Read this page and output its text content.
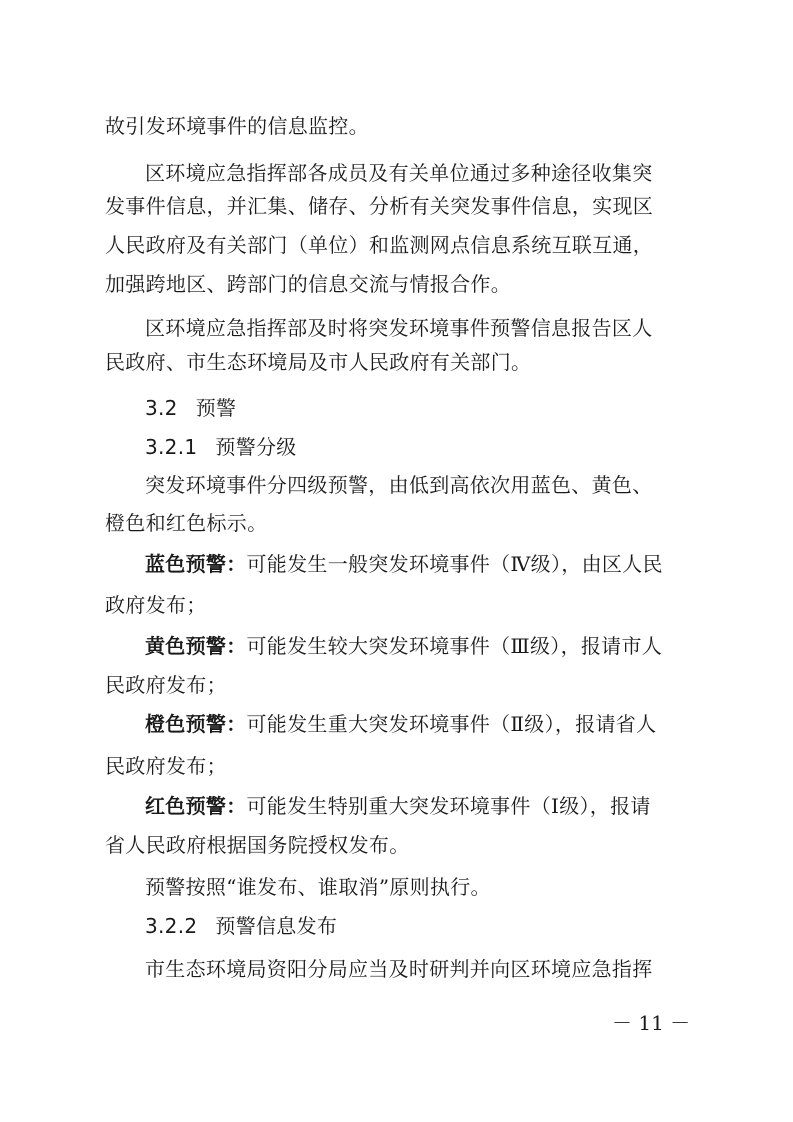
故引发环境事件的信息监控。

区环境应急指挥部各成员及有关单位通过多种途径收集突

发事件信息，并汇集、储存、分析有关突发事件信息，实现区

人民政府及有关部门（单位）和监测网点信息系统互联互通，

加强跨地区、跨部门的信息交流与情报合作。

区环境应急指挥部及时将突发环境事件预警信息报告区人

民政府、市生态环境局及市人民政府有关部门。

3.2 预警

3.2.1 预警分级

突发环境事件分四级预警，由低到高依次用蓝色、黄色、

橙色和红色标示。

蓝色预警：可能发生一般突发环境事件（Ⅳ级），由区人民

政府发布；

黄色预警：可能发生较大突发环境事件（Ⅲ级），报请市人

民政府发布；

橙色预警：可能发生重大突发环境事件（Ⅱ级），报请省人

民政府发布；

红色预警：可能发生特别重大突发环境事件（Ⅰ级），报请

省人民政府根据国务院授权发布。

预警按照“谁发布、谁取消”原则执行。

3.2.2 预警信息发布

市生态环境局资阳分局应当及时研判并向区环境应急指挥

－ 11 －
